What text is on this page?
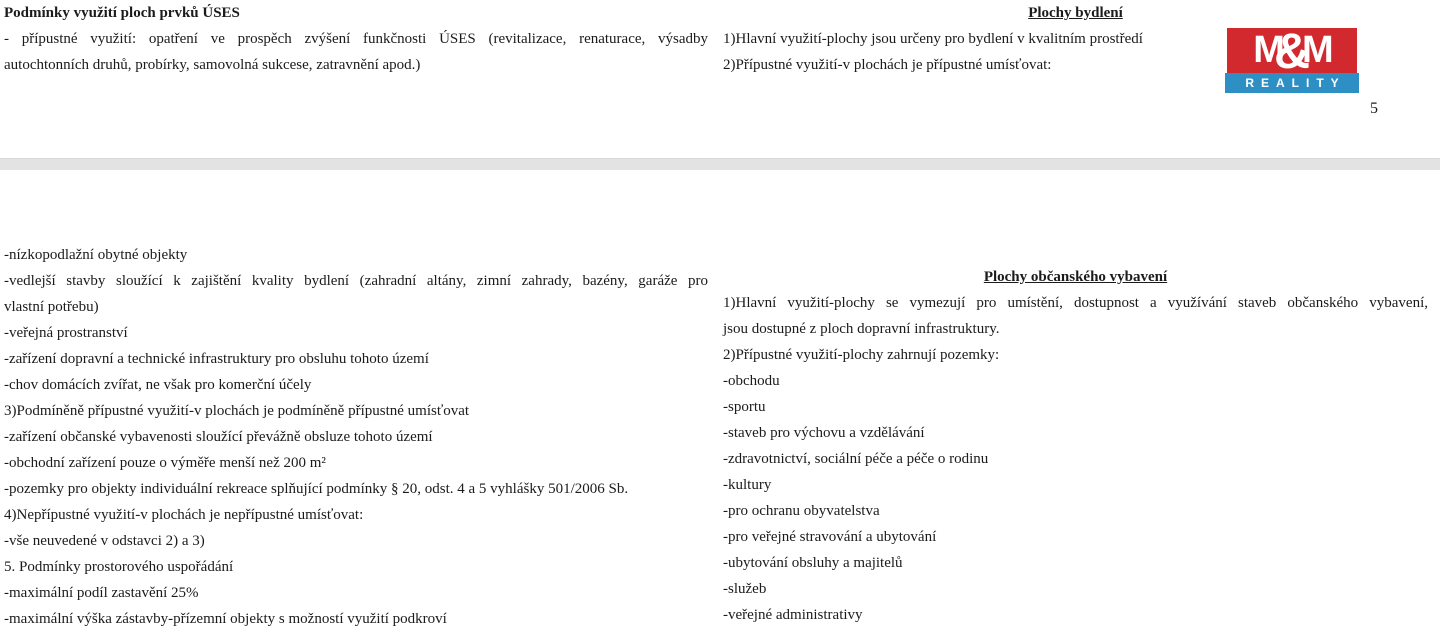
Podmínky využití ploch prvků ÚSES
- přípustné využití: opatření ve prospěch zvýšení funkčnosti ÚSES (revitalizace, renaturace, výsadby
autochtonních druhů, probírky, samovolná sukcese, zatravnění apod.)
Plochy bydlení
1)Hlavní využití-plochy jsou určeny pro bydlení v kvalitním prostředí
2)Přípustné využití-v plochách je přípustné umísťovat:	M
&
M
REALITY
5
-nízkopodlažní obytné objekty
-vedlejší stavby sloužící k zajištění kvality bydlení (zahradní altány, zimní zahrady, bazény, garáže pro
vlastní potřebu)
-veřejná prostranství
-zařízení dopravní a technické infrastruktury pro obsluhu tohoto území
-chov domácích zvířat, ne však pro komerční účely
3)Podmíněně přípustné využití-v plochách je podmíněně přípustné umísťovat
-zařízení občanské vybavenosti sloužící převážně obsluze tohoto území
-obchodní zařízení pouze o výměře menší než 200 m²
-pozemky pro objekty individuální rekreace splňující podmínky § 20, odst. 4 a 5 vyhlášky 501/2006 Sb.
4)Nepřípustné využití-v plochách je nepřípustné umísťovat:
-vše neuvedené v odstavci 2) a 3)
5. Podmínky prostorového uspořádání
-maximální podíl zastavění 25%
-maximální výška zástavby-přízemní objekty s možností využití podkroví
Plochy občanského vybavení
1)Hlavní využití-plochy se vymezují pro umístění, dostupnost a využívání staveb občanského vybavení,
jsou dostupné z ploch dopravní infrastruktury.
2)Přípustné využití-plochy zahrnují pozemky:
-obchodu
-sportu
-staveb pro výchovu a vzdělávání
-zdravotnictví, sociální péče a péče o rodinu
-kultury
-pro ochranu obyvatelstva
-pro veřejné stravování a ubytování
-ubytování obsluhy a majitelů
-služeb
-veřejné administrativy
